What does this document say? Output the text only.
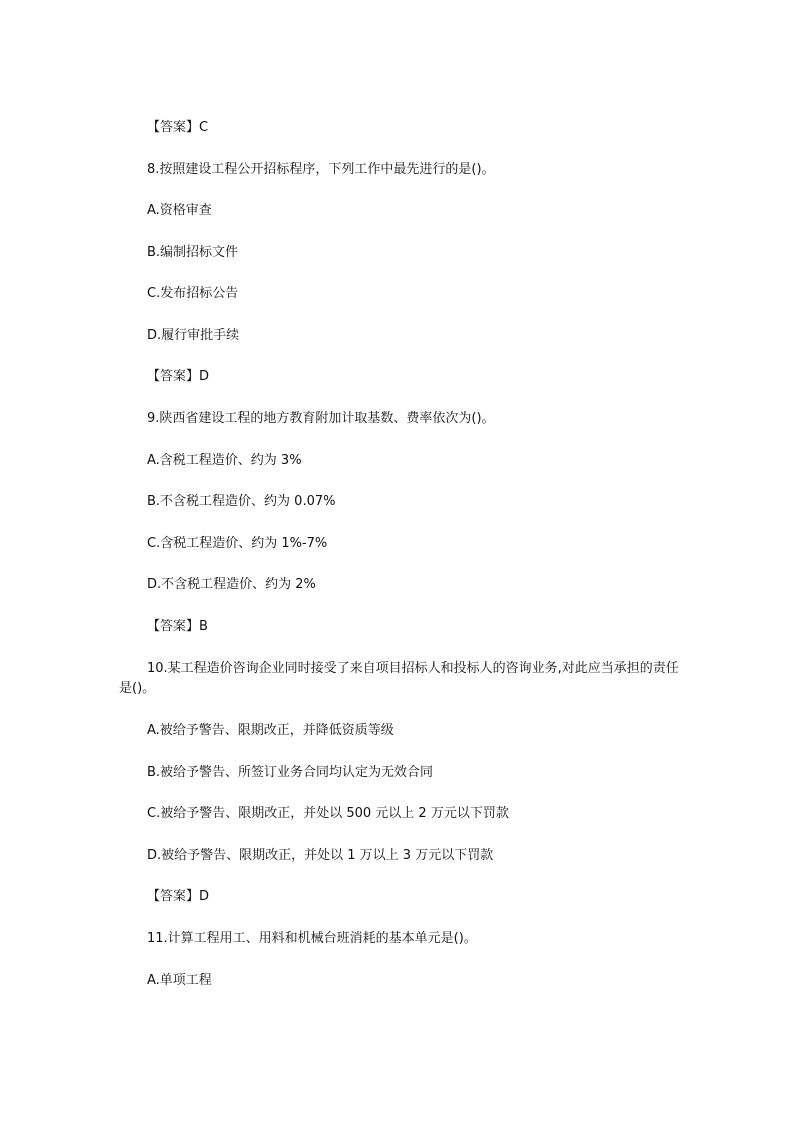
【答案】C
8.按照建设工程公开招标程序，下列工作中最先进行的是()。
A.资格审查
B.编制招标文件
C.发布招标公告
D.履行审批手续
【答案】D
9.陕西省建设工程的地方教育附加计取基数、费率依次为()。
A.含税工程造价、约为 3%
B.不含税工程造价、约为 0.07%
C.含税工程造价、约为 1%-7%
D.不含税工程造价、约为 2%
【答案】B
10.某工程造价咨询企业同时接受了来自项目招标人和投标人的咨询业务,对此应当承担的责任是()。
A.被给予警告、限期改正，并降低资质等级
B.被给予警告、所签订业务合同均认定为无效合同
C.被给予警告、限期改正，并处以 500 元以上 2 万元以下罚款
D.被给予警告、限期改正，并处以 1 万以上 3 万元以下罚款
【答案】D
11.计算工程用工、用料和机械台班消耗的基本单元是()。
A.单项工程
